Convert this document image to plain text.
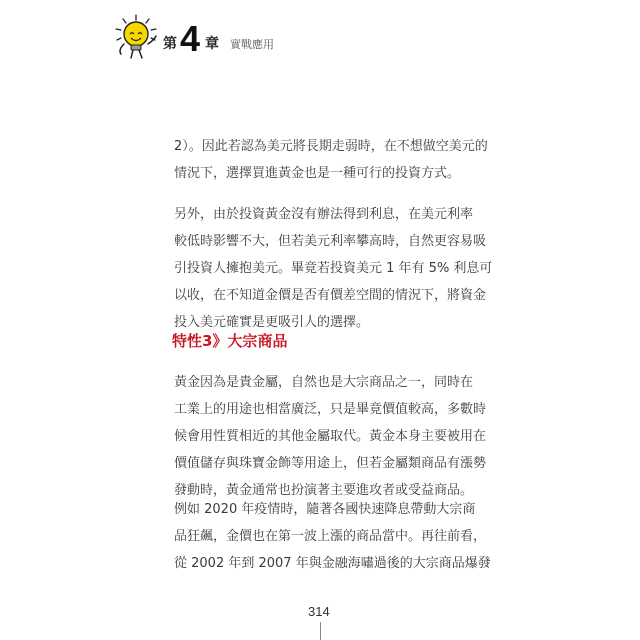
第 4 章 實戰應用

2）。因此若認為美元將長期走弱時，在不想做空美元的
情況下，選擇買進黃金也是一種可行的投資方式。

另外，由於投資黃金沒有辦法得到利息，在美元利率
較低時影響不大，但若美元利率攀高時，自然更容易吸
引投資人擁抱美元。畢竟若投資美元 1 年有 5% 利息可
以收，在不知道金價是否有價差空間的情況下，將資金
投入美元確實是更吸引人的選擇。

特性3》大宗商品

黃金因為是貴金屬，自然也是大宗商品之一，同時在
工業上的用途也相當廣泛，只是畢竟價值較高，多數時
候會用性質相近的其他金屬取代。黃金本身主要被用在
價值儲存與珠寶金飾等用途上，但若金屬類商品有漲勢
發動時，黃金通常也扮演著主要進攻者或受益商品。

例如 2020 年疫情時，隨著各國快速降息帶動大宗商
品狂飆，金價也在第一波上漲的商品當中。再往前看，
從 2002 年到 2007 年與金融海嘯過後的大宗商品爆發

314
